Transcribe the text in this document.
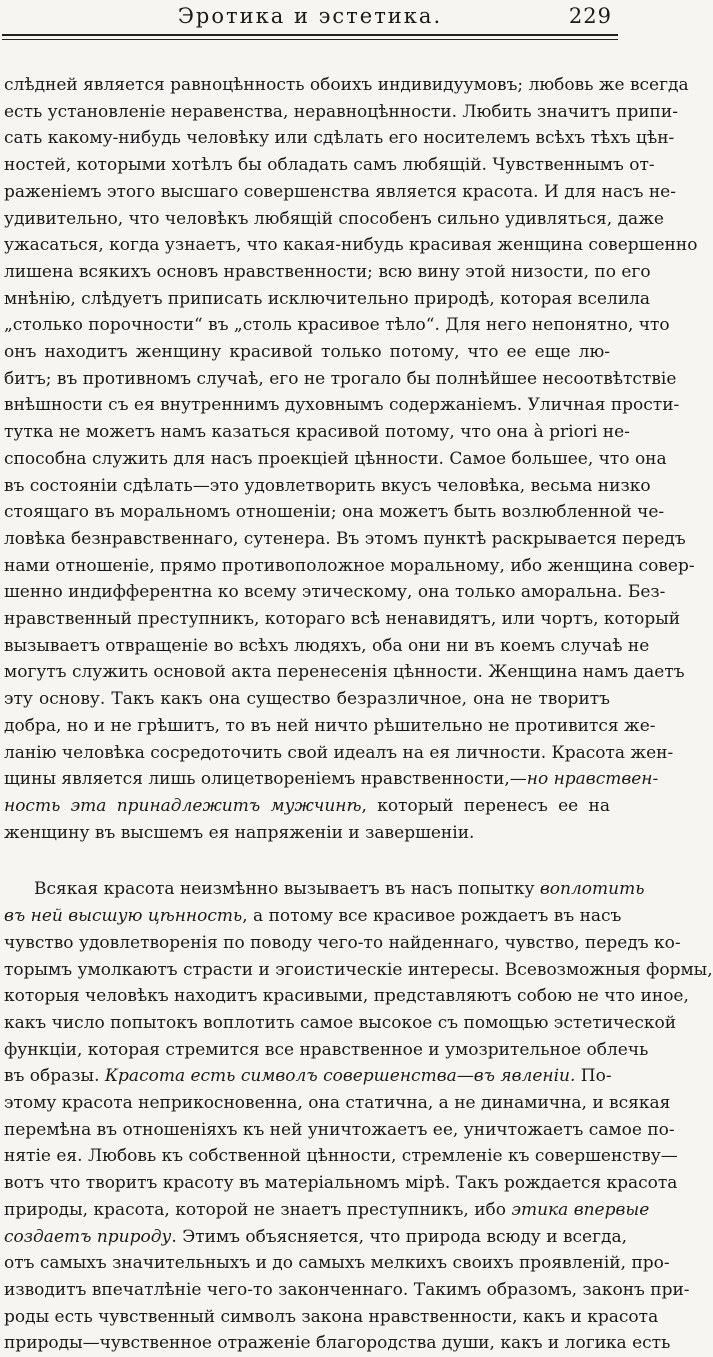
Эротика и эстетика.	229
слѣдней является равноцѣнность обоихъ индивидуумовъ; любовь же всегда
есть установленіе неравенства, неравноцѣнности. Любить значитъ припи-
сать какому-нибудь человѣку или сдѣлать его носителемъ всѣхъ тѣхъ цѣн-
ностей, которыми хотѣлъ бы обладать самъ любящій. Чувственнымъ от-
раженіемъ этого высшаго совершенства является красота. И для насъ не-
удивительно, что человѣкъ любящій способенъ сильно удивляться, даже
ужасаться, когда узнаетъ, что какая-нибудь красивая женщина совершенно
лишена всякихъ основъ нравственности; всю вину этой низости, по его
мнѣнію, слѣдуетъ приписать исключительно природѣ, которая вселила
„столько порочности“ въ „столь красивое тѣло“. Для него непонятно, что
онъ находитъ женщину красивой только потому, что ее еще лю-
битъ; въ противномъ случаѣ, его не трогало бы полнѣйшее несоотвѣтствіе
внѣшности съ ея внутреннимъ духовнымъ содержаніемъ. Уличная прости-
тутка не можетъ намъ казаться красивой потому, что она à priori не-
способна служить для насъ проекціей цѣнности. Самое большее, что она
въ состояніи сдѣлать—это удовлетворить вкусъ человѣка, весьма низко
стоящаго въ моральномъ отношеніи; она можетъ быть возлюбленной че-
ловѣка безнравственнаго, сутенера. Въ этомъ пунктѣ раскрывается передъ
нами отношеніе, прямо противоположное моральному, ибо женщина совер-
шенно индифферентна ко всему этическому, она только аморальна. Без-
нравственный преступникъ, котораго всѣ ненавидятъ, или чортъ, который
вызываетъ отвращеніе во всѣхъ людяхъ, оба они ни въ коемъ случаѣ не
могутъ служить основой акта перенесенія цѣнности. Женщина намъ даетъ
эту основу. Такъ какъ она существо безразличное, она не творитъ
добра, но и не грѣшитъ, то въ ней ничто рѣшительно не противится же-
ланію человѣка сосредоточить свой идеалъ на ея личности. Красота жен-
щины является лишь олицетвореніемъ нравственности,—но нравствен-
ность эта принадлежитъ мужчинѣ, который перенесъ ее на
женщину въ высшемъ ея напряженіи и завершеніи.
Всякая красота неизмѣнно вызываетъ въ насъ попытку воплотить
въ ней высшую цѣнность, а потому все красивое рождаетъ въ насъ
чувство удовлетворенія по поводу чего-то найденнаго, чувство, передъ ко-
торымъ умолкаютъ страсти и эгоистическіе интересы. Всевозможныя формы,
которыя человѣкъ находитъ красивыми, представляютъ собою не что иное,
какъ число попытокъ воплотить самое высокое съ помощью эстетической
функціи, которая стремится все нравственное и умозрительное облечь
въ образы. Красота есть символъ совершенства—въ явленіи. По-
этому красота неприкосновенна, она статична, а не динамична, и всякая
перемѣна въ отношеніяхъ къ ней уничтожаетъ ее, уничтожаетъ самое по-
нятіе ея. Любовь къ собственной цѣнности, стремленіе къ совершенству—
вотъ что творитъ красоту въ матеріальномъ мірѣ. Такъ рождается красота
природы, красота, которой не знаетъ преступникъ, ибо этика впервые
создаетъ природу. Этимъ объясняется, что природа всюду и всегда,
отъ самыхъ значительныхъ и до самыхъ мелкихъ своихъ проявленій, про-
изводитъ впечатлѣніе чего-то законченнаго. Такимъ образомъ, законъ при-
роды есть чувственный символъ закона нравственности, какъ и красота
природы—чувственное отраженіе благородства души, какъ и логика есть
